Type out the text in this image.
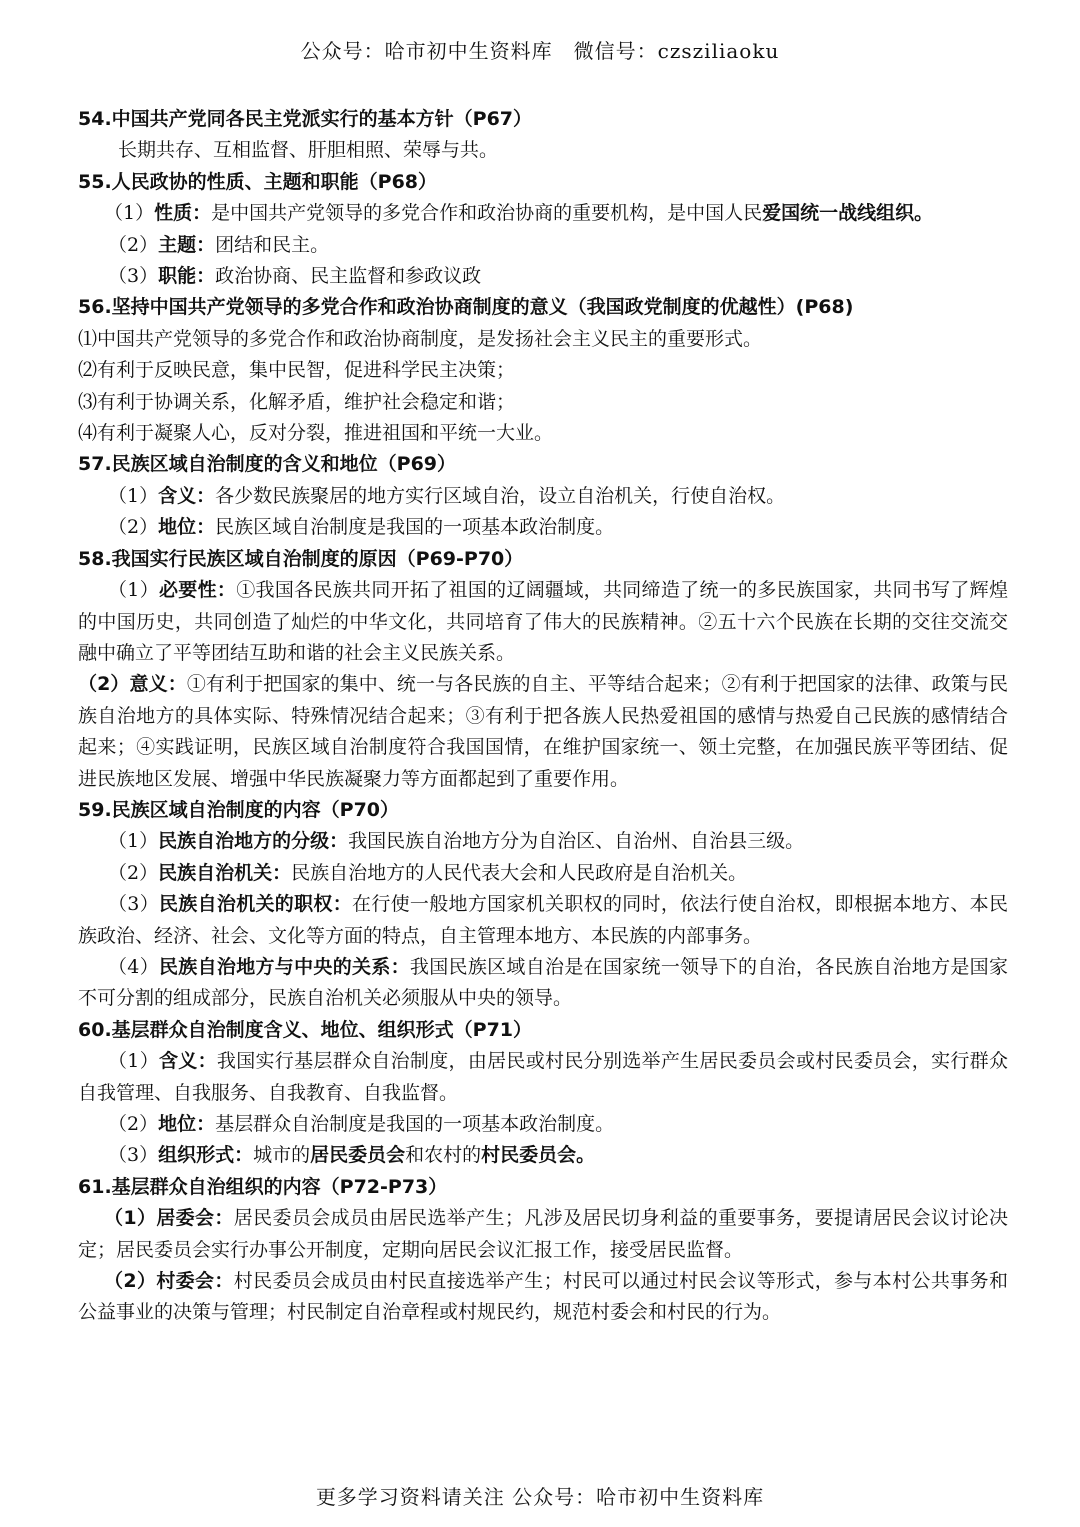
公众号：哈市初中生资料库　微信号：czsziliaoku

54.中国共产党同各民主党派实行的基本方针（P67）

长期共存、互相监督、肝胆相照、荣辱与共。

55.人民政协的性质、主题和职能（P68）

（1）性质：是中国共产党领导的多党合作和政治协商的重要机构，是中国人民爱国统一战线组织。

（2）主题：团结和民主。

（3）职能：政治协商、民主监督和参政议政

56.坚持中国共产党领导的多党合作和政治协商制度的意义（我国政党制度的优越性）(P68)

⑴中国共产党领导的多党合作和政治协商制度，是发扬社会主义民主的重要形式。

⑵有利于反映民意，集中民智，促进科学民主决策；

⑶有利于协调关系，化解矛盾，维护社会稳定和谐；

⑷有利于凝聚人心，反对分裂，推进祖国和平统一大业。

57.民族区域自治制度的含义和地位（P69）

（1）含义：各少数民族聚居的地方实行区域自治，设立自治机关，行使自治权。

（2）地位：民族区域自治制度是我国的一项基本政治制度。

58.我国实行民族区域自治制度的原因（P69-P70）

（1）必要性：①我国各民族共同开拓了祖国的辽阔疆域，共同缔造了统一的多民族国家，共同书写了辉煌的中国历史，共同创造了灿烂的中华文化，共同培育了伟大的民族精神。②五十六个民族在长期的交往交流交融中确立了平等团结互助和谐的社会主义民族关系。

（2）意义：①有利于把国家的集中、统一与各民族的自主、平等结合起来；②有利于把国家的法律、政策与民族自治地方的具体实际、特殊情况结合起来；③有利于把各族人民热爱祖国的感情与热爱自己民族的感情结合起来；④实践证明，民族区域自治制度符合我国国情，在维护国家统一、领土完整，在加强民族平等团结、促进民族地区发展、增强中华民族凝聚力等方面都起到了重要作用。

59.民族区域自治制度的内容（P70）

（1）民族自治地方的分级：我国民族自治地方分为自治区、自治州、自治县三级。

（2）民族自治机关：民族自治地方的人民代表大会和人民政府是自治机关。

（3）民族自治机关的职权：在行使一般地方国家机关职权的同时，依法行使自治权，即根据本地方、本民族政治、经济、社会、文化等方面的特点，自主管理本地方、本民族的内部事务。

（4）民族自治地方与中央的关系：我国民族区域自治是在国家统一领导下的自治，各民族自治地方是国家不可分割的组成部分，民族自治机关必须服从中央的领导。

60.基层群众自治制度含义、地位、组织形式（P71）

（1）含义：我国实行基层群众自治制度，由居民或村民分别选举产生居民委员会或村民委员会，实行群众自我管理、自我服务、自我教育、自我监督。

（2）地位：基层群众自治制度是我国的一项基本政治制度。

（3）组织形式：城市的居民委员会和农村的村民委员会。

61.基层群众自治组织的内容（P72-P73）

（1）居委会：居民委员会成员由居民选举产生；凡涉及居民切身利益的重要事务，要提请居民会议讨论决定；居民委员会实行办事公开制度，定期向居民会议汇报工作，接受居民监督。

（2）村委会：村民委员会成员由村民直接选举产生；村民可以通过村民会议等形式，参与本村公共事务和公益事业的决策与管理；村民制定自治章程或村规民约，规范村委会和村民的行为。

更多学习资料请关注 公众号：哈市初中生资料库
